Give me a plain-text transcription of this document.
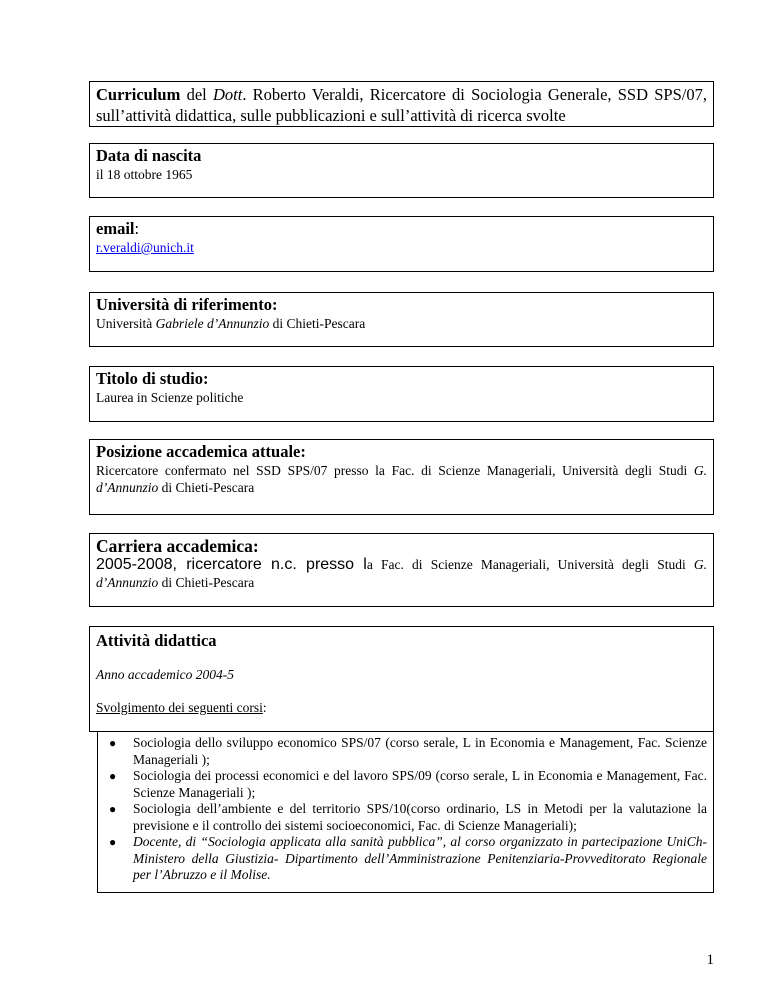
Curriculum del Dott. Roberto Veraldi, Ricercatore di Sociologia Generale, SSD SPS/07, sull’attività didattica, sulle pubblicazioni e sull’attività di ricerca svolte
Data di nascita
il 18 ottobre 1965
email:
r.veraldi@unich.it
Università di riferimento:
Università Gabriele d’Annunzio di Chieti-Pescara
Titolo di studio:
Laurea in Scienze politiche
Posizione accademica attuale:
Ricercatore confermato nel SSD SPS/07 presso la Fac. di Scienze Manageriali, Università degli Studi G. d’Annunzio di Chieti-Pescara
Carriera accademica:
2005-2008, ricercatore n.c. presso la Fac. di Scienze Manageriali, Università degli Studi G. d’Annunzio di Chieti-Pescara
Attività didattica
Anno accademico 2004-5
Svolgimento dei seguenti corsi:
● Sociologia dello sviluppo economico SPS/07 (corso serale, L in Economia e Management, Fac. Scienze Manageriali );
● Sociologia dei processi economici e del lavoro SPS/09 (corso serale, L in Economia e Management, Fac. Scienze Manageriali );
● Sociologia dell’ambiente e del territorio SPS/10(corso ordinario, LS in Metodi per la valutazione la previsione e il controllo dei sistemi socioeconomici, Fac. di Scienze Manageriali);
● Docente, di “Sociologia applicata alla sanità pubblica”, al corso organizzato in partecipazione UniCh-Ministero della Giustizia- Dipartimento dell’Amministrazione Penitenziaria-Provveditorato Regionale per l’Abruzzo e il Molise.
1
